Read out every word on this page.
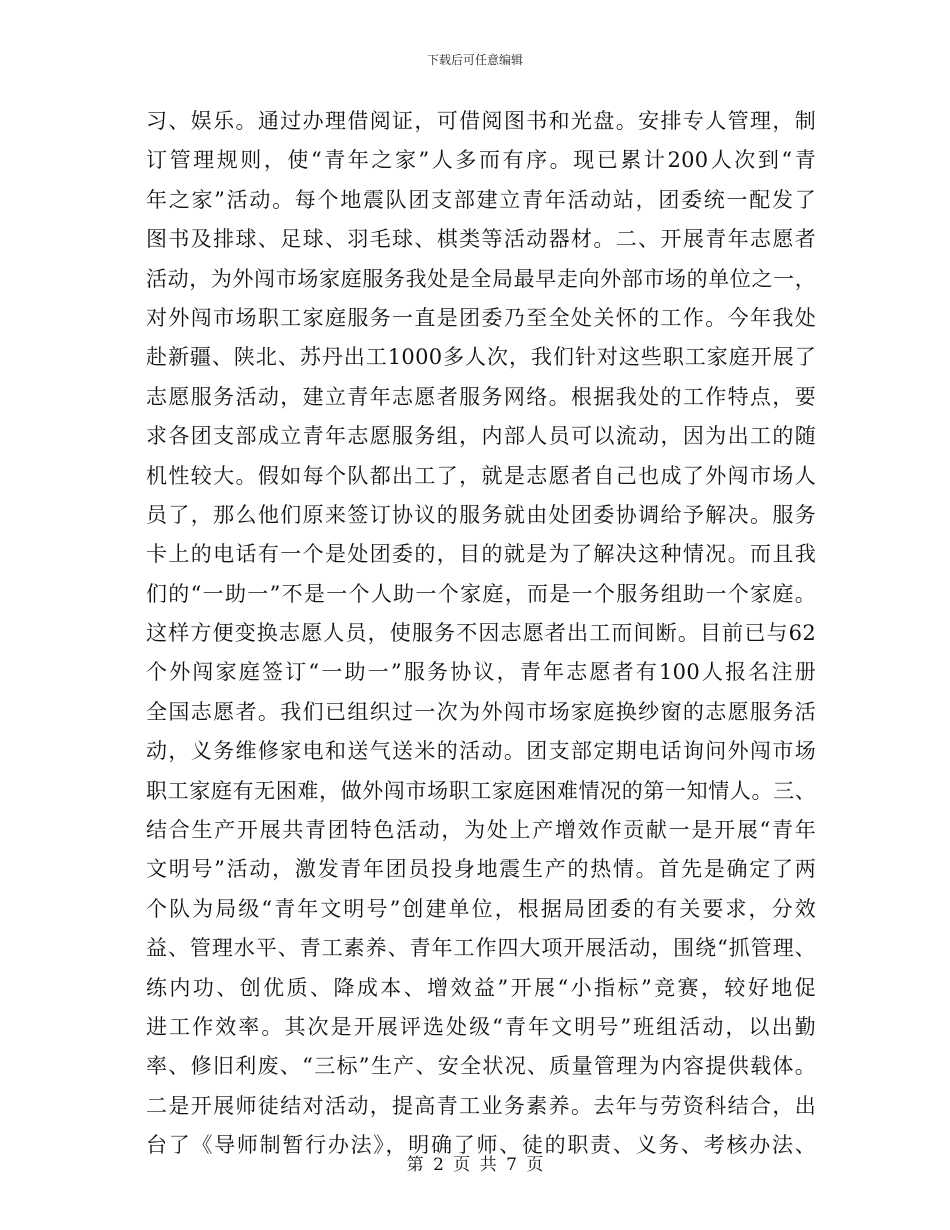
下载后可任意编辑
习、娱乐。通过办理借阅证，可借阅图书和光盘。安排专人管理，制
订管理规则，使“青年之家”人多而有序。现已累计200人次到“青
年之家”活动。每个地震队团支部建立青年活动站，团委统一配发了
图书及排球、足球、羽毛球、棋类等活动器材。二、开展青年志愿者
活动，为外闯市场家庭服务我处是全局最早走向外部市场的单位之一，
对外闯市场职工家庭服务一直是团委乃至全处关怀的工作。今年我处
赴新疆、陕北、苏丹出工1000多人次，我们针对这些职工家庭开展了
志愿服务活动，建立青年志愿者服务网络。根据我处的工作特点，要
求各团支部成立青年志愿服务组，内部人员可以流动，因为出工的随
机性较大。假如每个队都出工了，就是志愿者自己也成了外闯市场人
员了，那么他们原来签订协议的服务就由处团委协调给予解决。服务
卡上的电话有一个是处团委的，目的就是为了解决这种情况。而且我
们的“一助一”不是一个人助一个家庭，而是一个服务组助一个家庭。
这样方便变换志愿人员，使服务不因志愿者出工而间断。目前已与62
个外闯家庭签订“一助一”服务协议，青年志愿者有100人报名注册
全国志愿者。我们已组织过一次为外闯市场家庭换纱窗的志愿服务活
动，义务维修家电和送气送米的活动。团支部定期电话询问外闯市场
职工家庭有无困难，做外闯市场职工家庭困难情况的第一知情人。三、
结合生产开展共青团特色活动，为处上产增效作贡献一是开展“青年
文明号”活动，激发青年团员投身地震生产的热情。首先是确定了两
个队为局级“青年文明号”创建单位，根据局团委的有关要求，分效
益、管理水平、青工素养、青年工作四大项开展活动，围绕“抓管理、
练内功、创优质、降成本、增效益”开展“小指标”竞赛，较好地促
进工作效率。其次是开展评选处级“青年文明号”班组活动，以出勤
率、修旧利废、“三标”生产、安全状况、质量管理为内容提供载体。
二是开展师徒结对活动，提高青工业务素养。去年与劳资科结合，出
台了《导师制暂行办法》，明确了师、徒的职责、义务、考核办法、
第 2 页 共 7 页
